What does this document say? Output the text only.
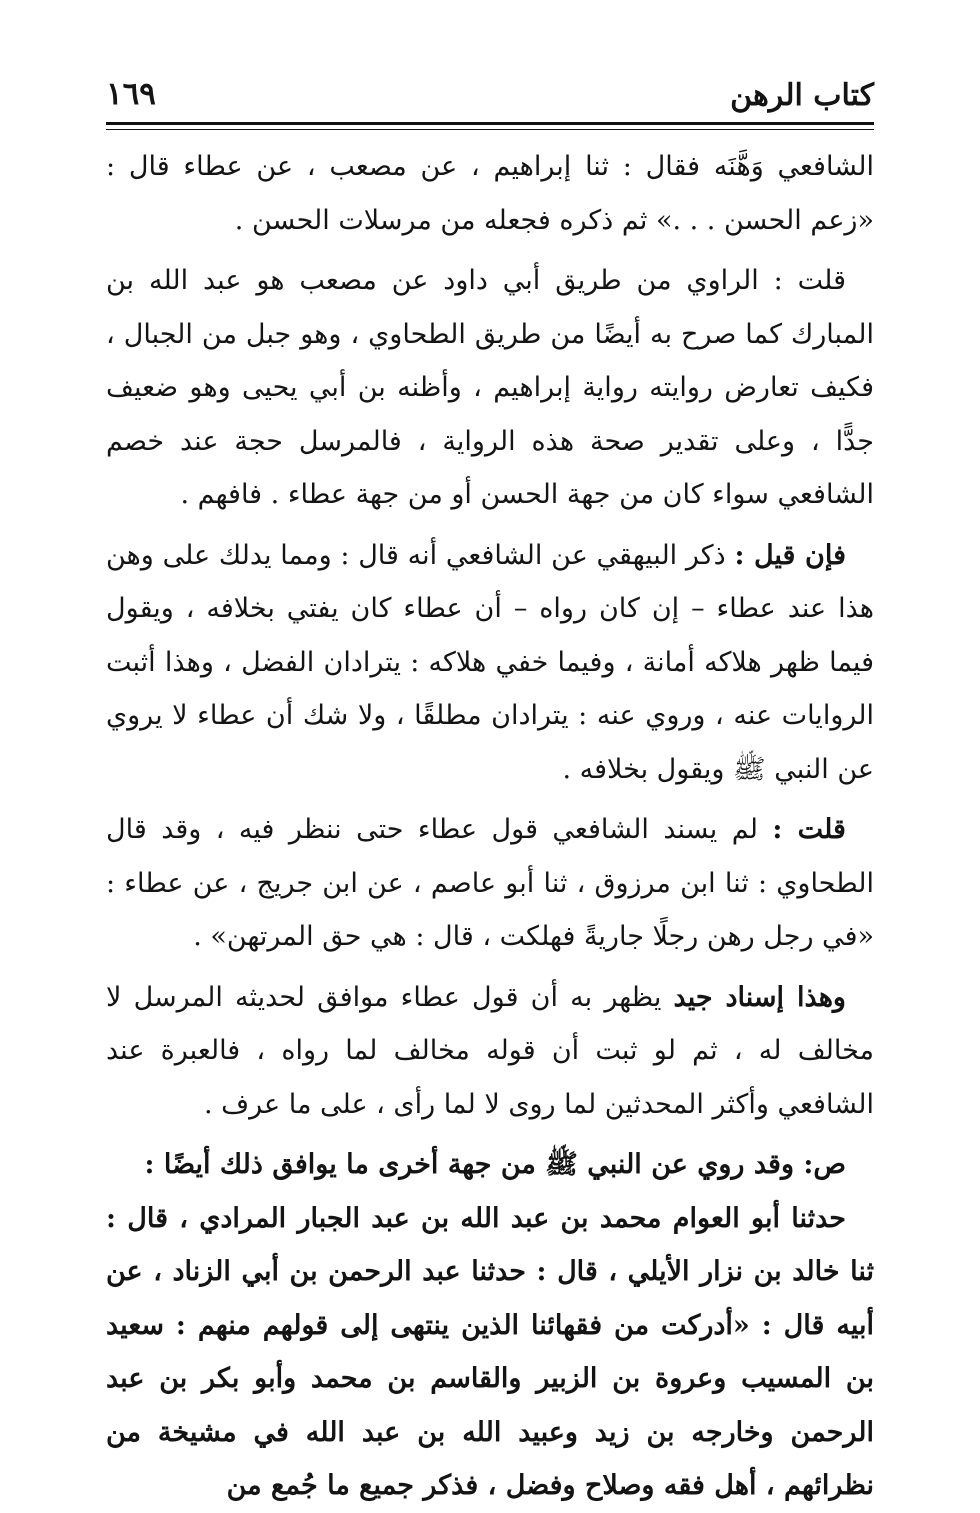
كتاب الرهن
١٦٩

الشافعي وَهَّنَه فقال : ثنا إبراهيم ، عن مصعب ، عن عطاء قال : «زعم الحسن . . .» ثم ذكره فجعله من مرسلات الحسن .

قلت : الراوي من طريق أبي داود عن مصعب هو عبد الله بن المبارك كما صرح به أيضًا من طريق الطحاوي ، وهو جبل من الجبال ، فكيف تعارض روايته رواية إبراهيم ، وأظنه بن أبي يحيى وهو ضعيف جدًّا ، وعلى تقدير صحة هذه الرواية ، فالمرسل حجة عند خصم الشافعي سواء كان من جهة الحسن أو من جهة عطاء . فافهم .

فإن قيل : ذكر البيهقي عن الشافعي أنه قال : ومما يدلك على وهن هذا عند عطاء – إن كان رواه – أن عطاء كان يفتي بخلافه ، ويقول فيما ظهر هلاكه أمانة ، وفيما خفي هلاكه : يترادان الفضل ، وهذا أثبت الروايات عنه ، وروي عنه : يترادان مطلقًا ، ولا شك أن عطاء لا يروي عن النبي ﷺ ويقول بخلافه .

قلت : لم يسند الشافعي قول عطاء حتى ننظر فيه ، وقد قال الطحاوي : ثنا ابن مرزوق ، ثنا أبو عاصم ، عن ابن جريج ، عن عطاء : «في رجل رهن رجلًا جاريةً فهلكت ، قال : هي حق المرتهن» .

وهذا إسناد جيد يظهر به أن قول عطاء موافق لحديثه المرسل لا مخالف له ، ثم لو ثبت أن قوله مخالف لما رواه ، فالعبرة عند الشافعي وأكثر المحدثين لما روى لا لما رأى ، على ما عرف .

ص: وقد روي عن النبي ﷺ من جهة أخرى ما يوافق ذلك أيضًا :

حدثنا أبو العوام محمد بن عبد الله بن عبد الجبار المرادي ، قال : ثنا خالد بن نزار الأيلي ، قال : حدثنا عبد الرحمن بن أبي الزناد ، عن أبيه قال : «أدركت من فقهائنا الذين ينتهى إلى قولهم منهم : سعيد بن المسيب وعروة بن الزبير والقاسم بن محمد وأبو بكر بن عبد الرحمن وخارجه بن زيد وعبيد الله بن عبد الله في مشيخة من نظرائهم ، أهل فقه وصلاح وفضل ، فذكر جميع ما جُمع من
